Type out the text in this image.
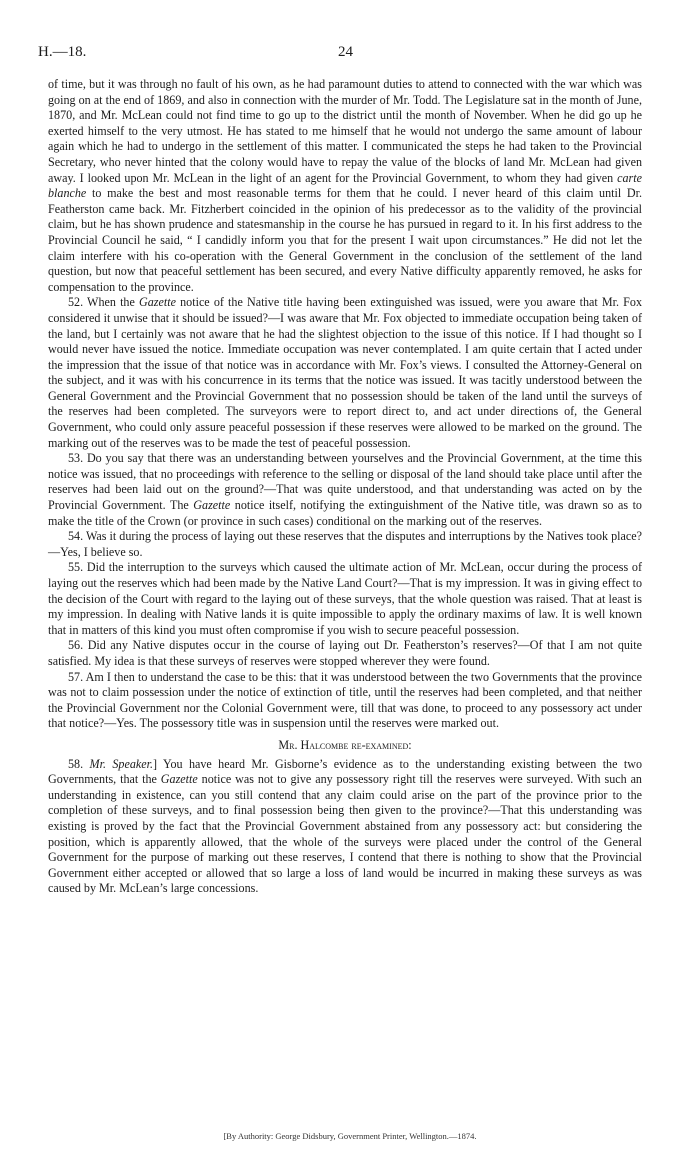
H.—18.	24

of time, but it was through no fault of his own, as he had paramount duties to attend to connected with the war which was going on at the end of 1869, and also in connection with the murder of Mr. Todd. The Legislature sat in the month of June, 1870, and Mr. McLean could not find time to go up to the district until the month of November. When he did go up he exerted himself to the very utmost. He has stated to me himself that he would not undergo the same amount of labour again which he had to undergo in the settlement of this matter. I communicated the steps he had taken to the Provincial Secretary, who never hinted that the colony would have to repay the value of the blocks of land Mr. McLean had given away. I looked upon Mr. McLean in the light of an agent for the Provincial Government, to whom they had given carte blanche to make the best and most reasonable terms for them that he could. I never heard of this claim until Dr. Featherston came back. Mr. Fitzherbert coincided in the opinion of his predecessor as to the validity of the provincial claim, but he has shown prudence and statesmanship in the course he has pursued in regard to it. In his first address to the Provincial Council he said, “ I candidly inform you that for the present I wait upon circumstances.” He did not let the claim interfere with his co-operation with the General Government in the conclusion of the settlement of the land question, but now that peaceful settlement has been secured, and every Native difficulty apparently removed, he asks for compensation to the province.

52. When the Gazette notice of the Native title having been extinguished was issued, were you aware that Mr. Fox considered it unwise that it should be issued?—I was aware that Mr. Fox objected to immediate occupation being taken of the land, but I certainly was not aware that he had the slightest objection to the issue of this notice. If I had thought so I would never have issued the notice. Immediate occupation was never contemplated. I am quite certain that I acted under the impression that the issue of that notice was in accordance with Mr. Fox’s views. I consulted the Attorney-General on the subject, and it was with his concurrence in its terms that the notice was issued. It was tacitly understood between the General Government and the Provincial Government that no possession should be taken of the land until the surveys of the reserves had been completed. The surveyors were to report direct to, and act under directions of, the General Government, who could only assure peaceful possession if these reserves were allowed to be marked on the ground. The marking out of the reserves was to be made the test of peaceful possession.

53. Do you say that there was an understanding between yourselves and the Provincial Government, at the time this notice was issued, that no proceedings with reference to the selling or disposal of the land should take place until after the reserves had been laid out on the ground?—That was quite understood, and that understanding was acted on by the Provincial Government. The Gazette notice itself, notifying the extinguishment of the Native title, was drawn so as to make the title of the Crown (or province in such cases) conditional on the marking out of the reserves.

54. Was it during the process of laying out these reserves that the disputes and interruptions by the Natives took place?—Yes, I believe so.

55. Did the interruption to the surveys which caused the ultimate action of Mr. McLean, occur during the process of laying out the reserves which had been made by the Native Land Court?—That is my impression. It was in giving effect to the decision of the Court with regard to the laying out of these surveys, that the whole question was raised. That at least is my impression. In dealing with Native lands it is quite impossible to apply the ordinary maxims of law. It is well known that in matters of this kind you must often compromise if you wish to secure peaceful possession.

56. Did any Native disputes occur in the course of laying out Dr. Featherston’s reserves?—Of that I am not quite satisfied. My idea is that these surveys of reserves were stopped wherever they were found.

57. Am I then to understand the case to be this: that it was understood between the two Governments that the province was not to claim possession under the notice of extinction of title, until the reserves had been completed, and that neither the Provincial Government nor the Colonial Government were, till that was done, to proceed to any possessory act under that notice?—Yes. The possessory title was in suspension until the reserves were marked out.

Mr. Halcombe re-examined:

58. Mr. Speaker.] You have heard Mr. Gisborne’s evidence as to the understanding existing between the two Governments, that the Gazette notice was not to give any possessory right till the reserves were surveyed. With such an understanding in existence, can you still contend that any claim could arise on the part of the province prior to the completion of these surveys, and to final possession being then given to the province?—That this understanding was existing is proved by the fact that the Provincial Government abstained from any possessory act: but considering the position, which is apparently allowed, that the whole of the surveys were placed under the control of the General Government for the purpose of marking out these reserves, I contend that there is nothing to show that the Provincial Government either accepted or allowed that so large a loss of land would be incurred in making these surveys as was caused by Mr. McLean’s large concessions.

[By Authority: George Didsbury, Government Printer, Wellington.—1874.
